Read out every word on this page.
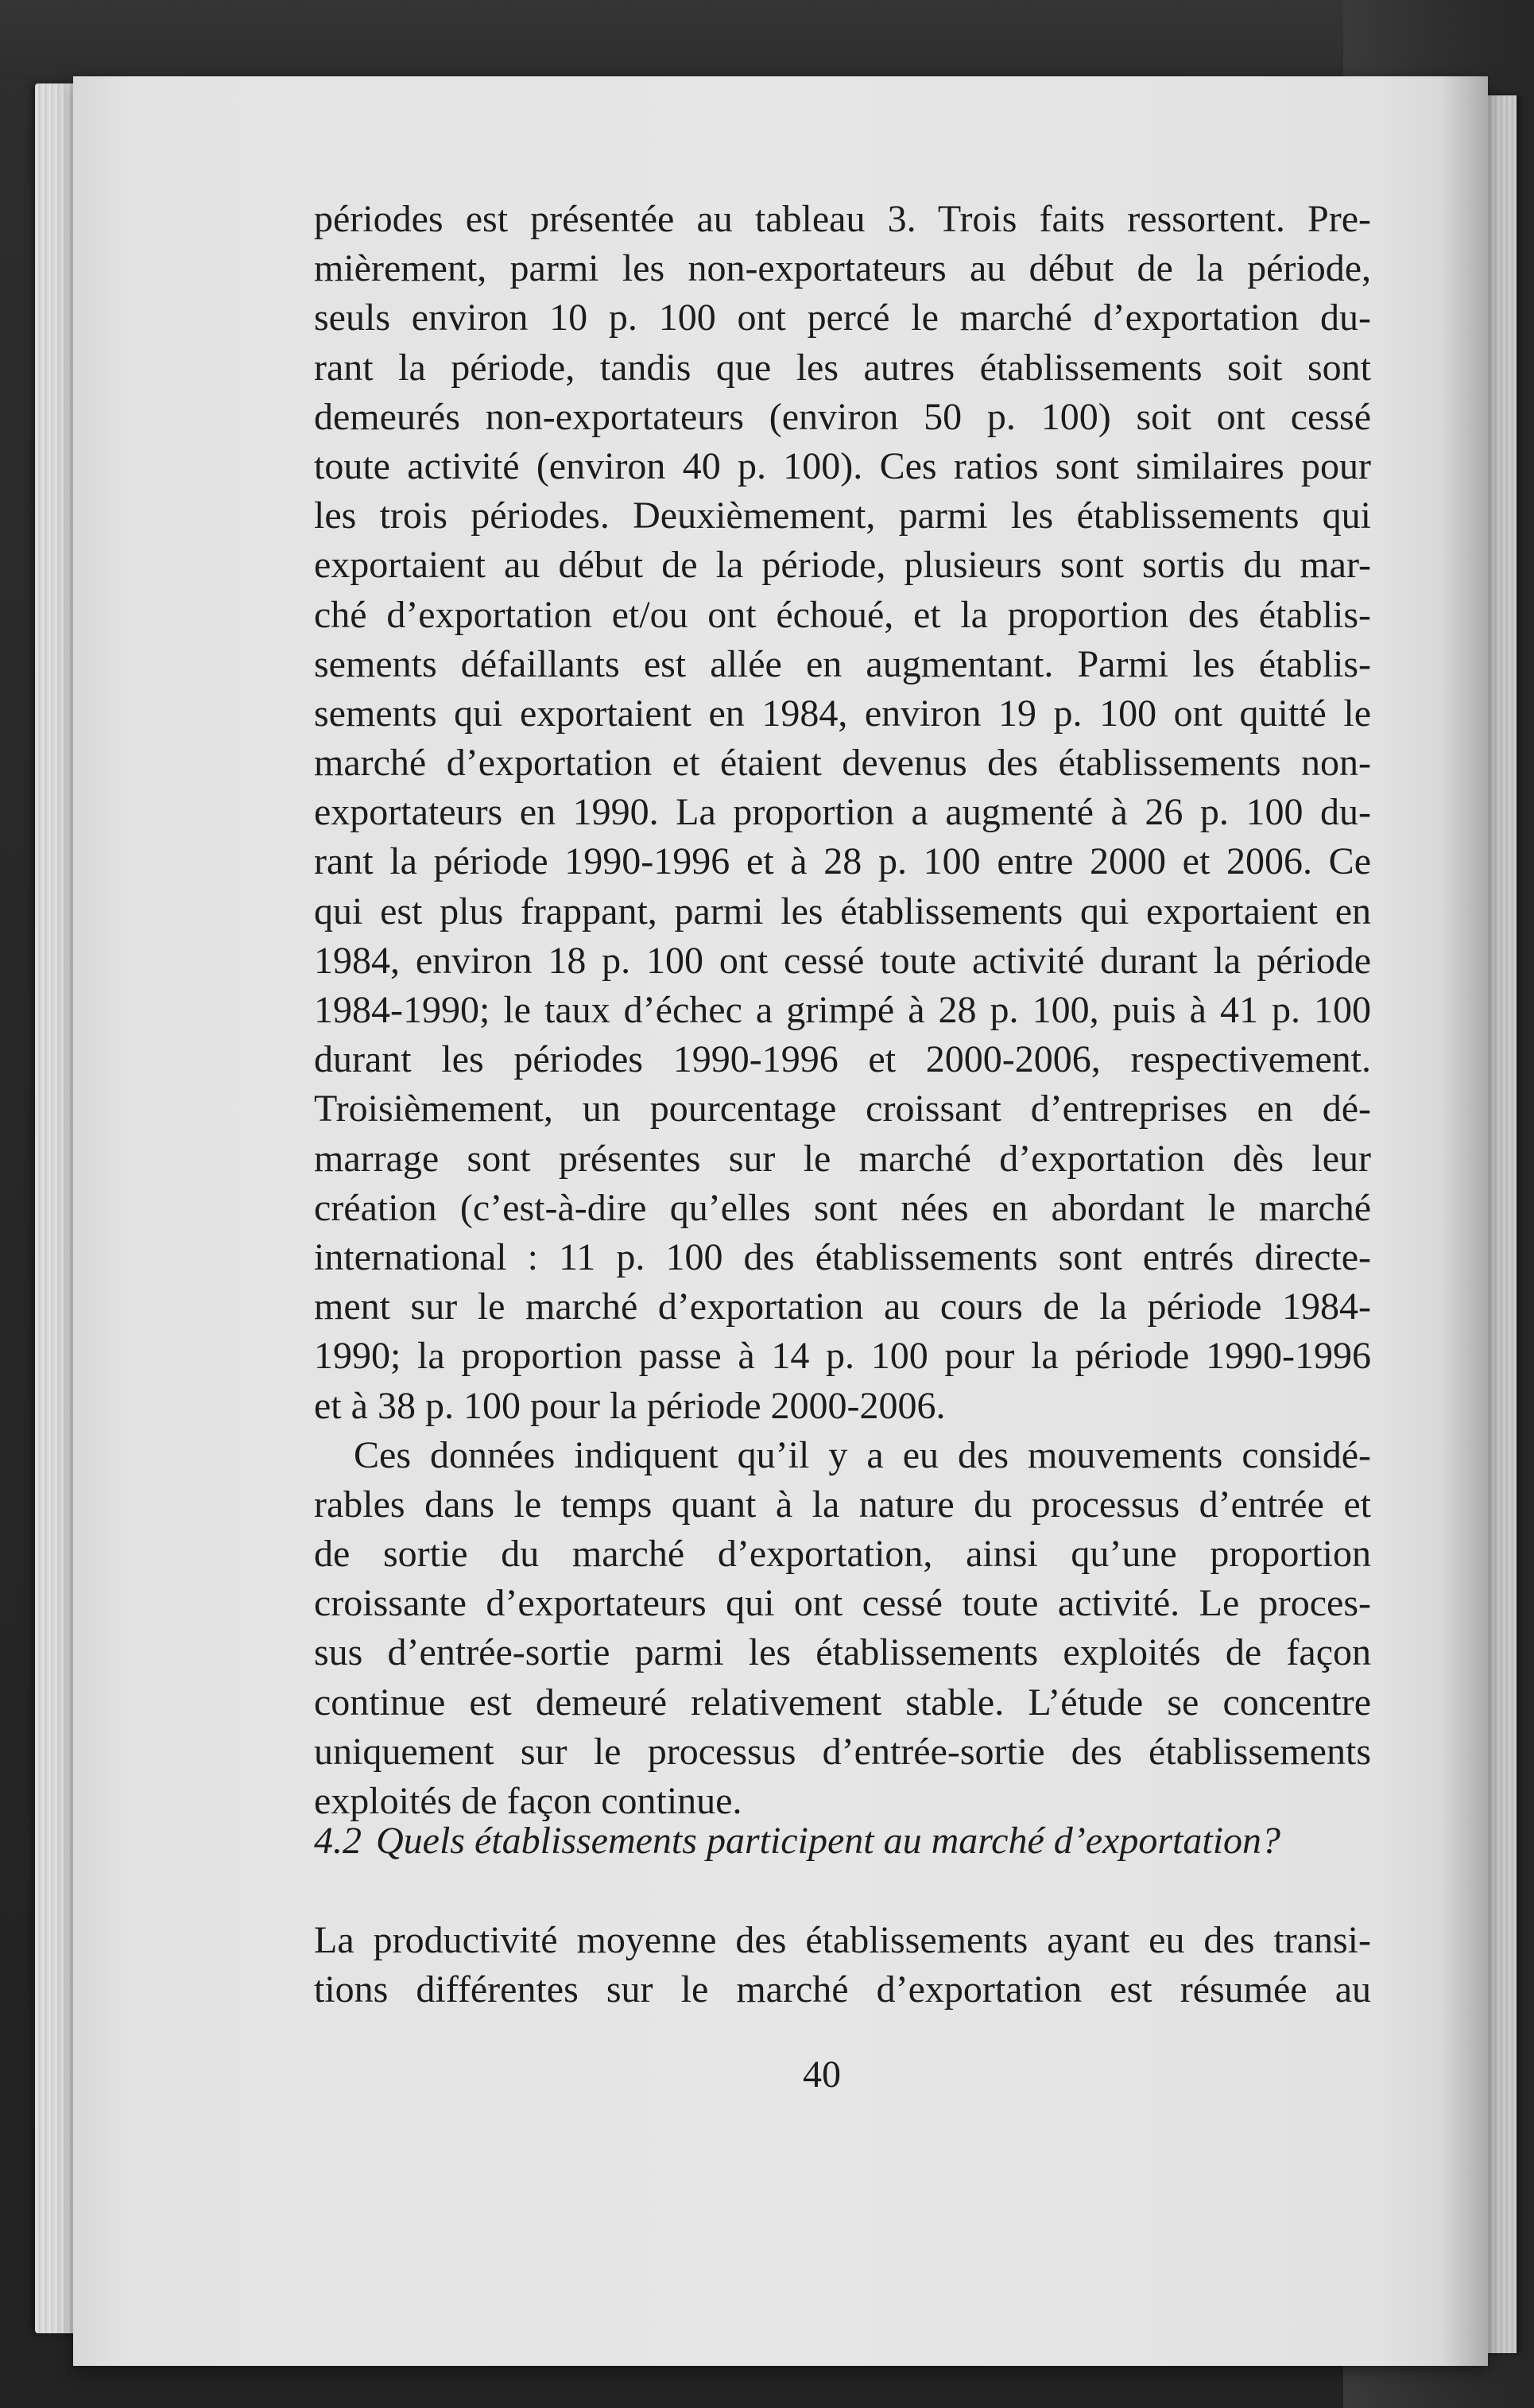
périodes est présentée au tableau 3. Trois faits ressortent. Pre-
mièrement, parmi les non-exportateurs au début de la période,
seuls environ 10 p. 100 ont percé le marché d’exportation du-
rant la période, tandis que les autres établissements soit sont
demeurés non-exportateurs (environ 50 p. 100) soit ont cessé
toute activité (environ 40 p. 100). Ces ratios sont similaires pour
les trois périodes. Deuxièmement, parmi les établissements qui
exportaient au début de la période, plusieurs sont sortis du mar-
ché d’exportation et/ou ont échoué, et la proportion des établis-
sements défaillants est allée en augmentant. Parmi les établis-
sements qui exportaient en 1984, environ 19 p. 100 ont quitté le
marché d’exportation et étaient devenus des établissements non-
exportateurs en 1990. La proportion a augmenté à 26 p. 100 du-
rant la période 1990-1996 et à 28 p. 100 entre 2000 et 2006. Ce
qui est plus frappant, parmi les établissements qui exportaient en
1984, environ 18 p. 100 ont cessé toute activité durant la période
1984-1990; le taux d’échec a grimpé à 28 p. 100, puis à 41 p. 100
durant les périodes 1990-1996 et 2000-2006, respectivement.
Troisièmement, un pourcentage croissant d’entreprises en dé-
marrage sont présentes sur le marché d’exportation dès leur
création (c’est-à-dire qu’elles sont nées en abordant le marché
international : 11 p. 100 des établissements sont entrés directe-
ment sur le marché d’exportation au cours de la période 1984-
1990; la proportion passe à 14 p. 100 pour la période 1990-1996
et à 38 p. 100 pour la période 2000-2006.
Ces données indiquent qu’il y a eu des mouvements considé-
rables dans le temps quant à la nature du processus d’entrée et
de sortie du marché d’exportation, ainsi qu’une proportion
croissante d’exportateurs qui ont cessé toute activité. Le proces-
sus d’entrée-sortie parmi les établissements exploités de façon
continue est demeuré relativement stable. L’étude se concentre
uniquement sur le processus d’entrée-sortie des établissements
exploités de façon continue.
4.2 Quels établissements participent au marché d’exportation?
La productivité moyenne des établissements ayant eu des transi-
tions différentes sur le marché d’exportation est résumée au
40
